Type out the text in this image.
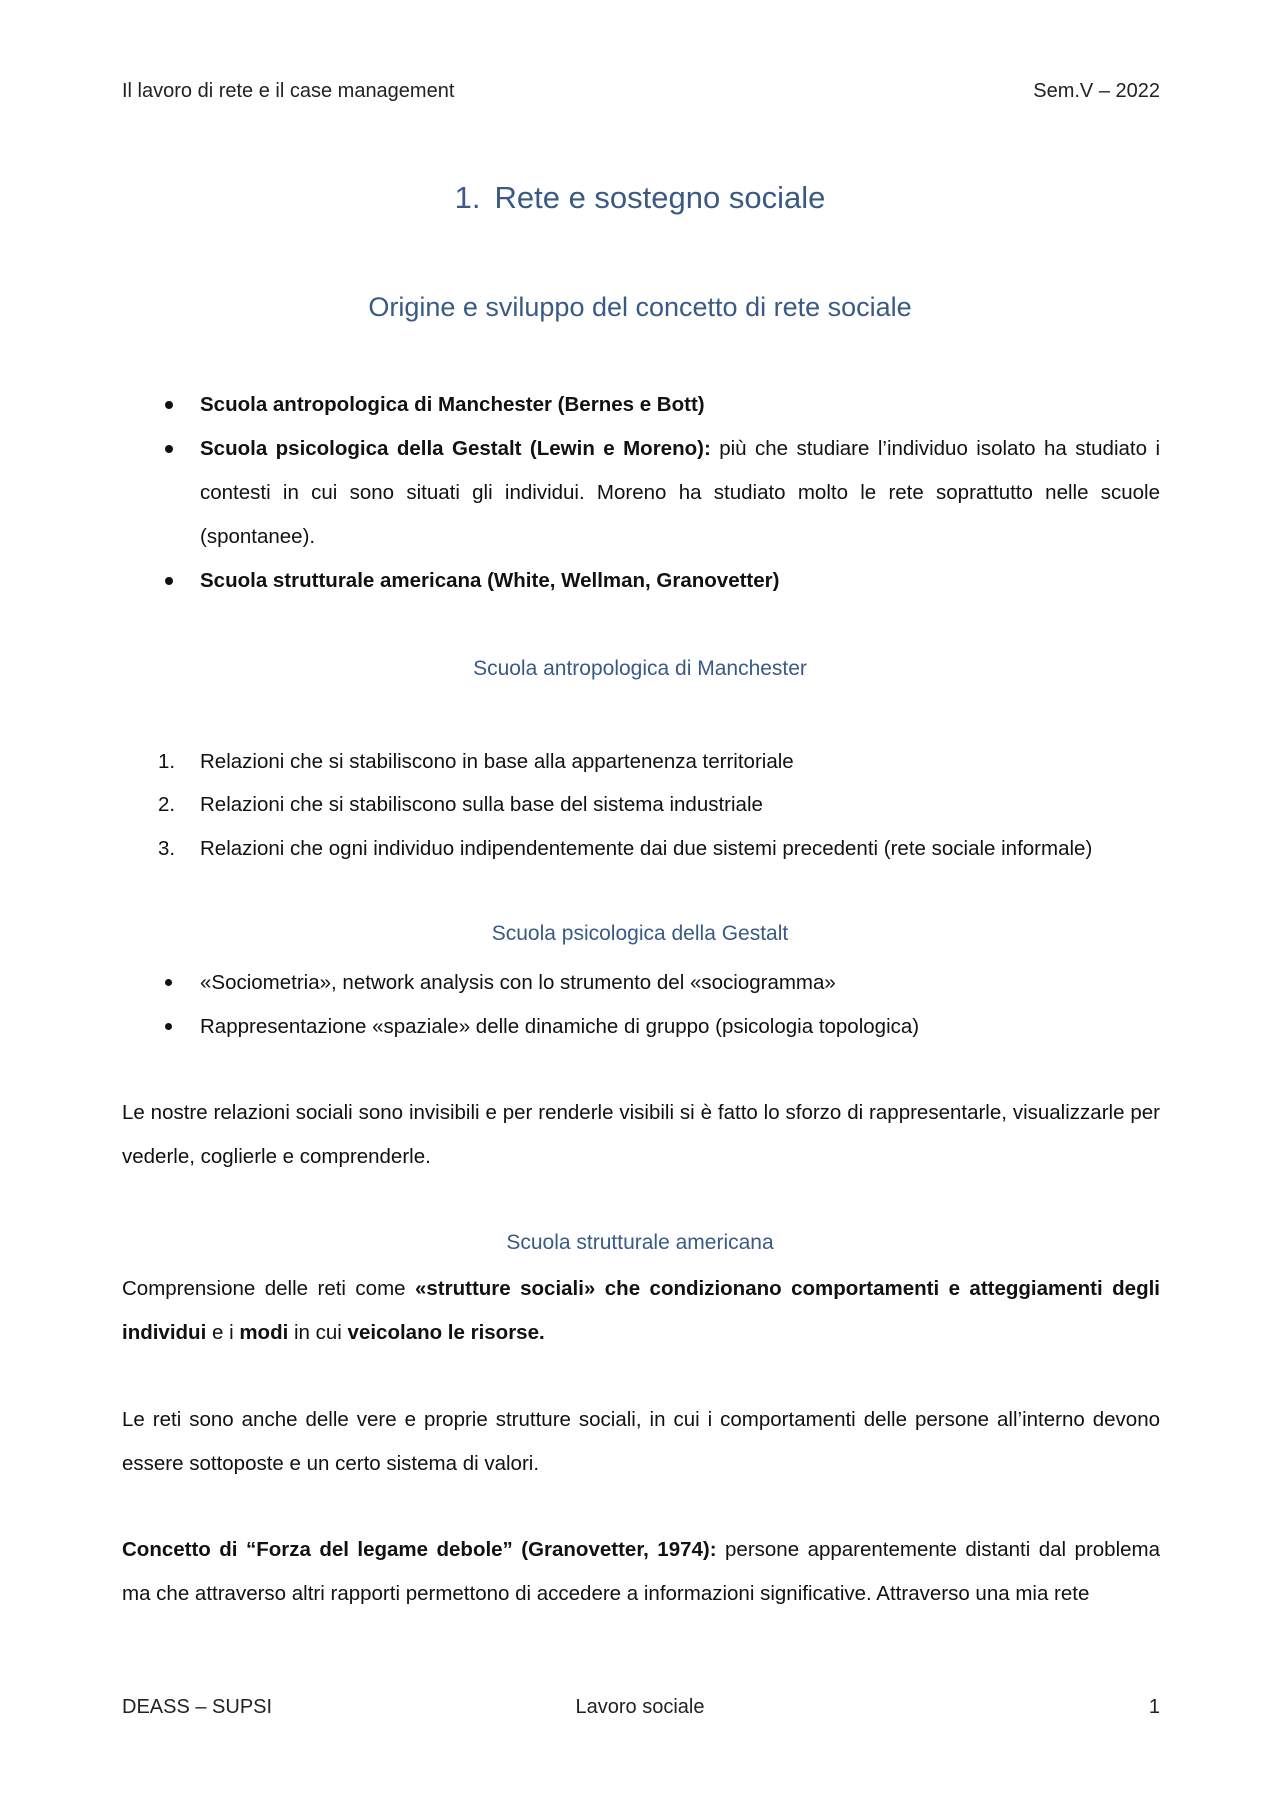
Il lavoro di rete e il case management	Sem.V – 2022
1. Rete e sostegno sociale
Origine e sviluppo del concetto di rete sociale
Scuola antropologica di Manchester (Bernes e Bott)
Scuola psicologica della Gestalt (Lewin e Moreno): più che studiare l’individuo isolato ha studiato i contesti in cui sono situati gli individui. Moreno ha studiato molto le rete soprattutto nelle scuole (spontanee).
Scuola strutturale americana (White, Wellman, Granovetter)
Scuola antropologica di Manchester
1. Relazioni che si stabiliscono in base alla appartenenza territoriale
2. Relazioni che si stabiliscono sulla base del sistema industriale
3. Relazioni che ogni individuo indipendentemente dai due sistemi precedenti (rete sociale informale)
Scuola psicologica della Gestalt
«Sociometria», network analysis con lo strumento del «sociogramma»
Rappresentazione «spaziale» delle dinamiche di gruppo (psicologia topologica)
Le nostre relazioni sociali sono invisibili e per renderle visibili si è fatto lo sforzo di rappresentarle, visualizzarle per vederle, coglierle e comprenderle.
Scuola strutturale americana
Comprensione delle reti come «strutture sociali» che condizionano comportamenti e atteggiamenti degli individui e i modi in cui veicolano le risorse.
Le reti sono anche delle vere e proprie strutture sociali, in cui i comportamenti delle persone all’interno devono essere sottoposte e un certo sistema di valori.
Concetto di “Forza del legame debole” (Granovetter, 1974): persone apparentemente distanti dal problema ma che attraverso altri rapporti permettono di accedere a informazioni significative. Attraverso una mia rete
DEASS – SUPSI	Lavoro sociale	1
